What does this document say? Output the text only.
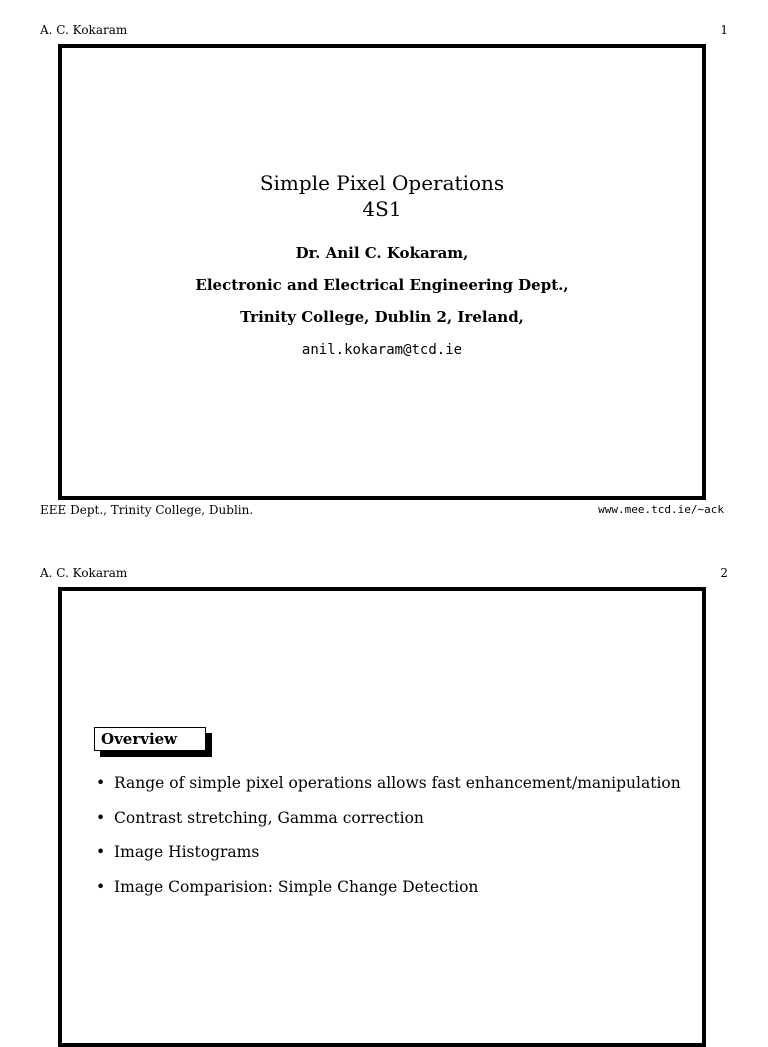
A. C. Kokaram	1
Simple Pixel Operations
4S1
Dr. Anil C. Kokaram,
Electronic and Electrical Engineering Dept.,
Trinity College, Dublin 2, Ireland,
anil.kokaram@tcd.ie
EEE Dept., Trinity College, Dublin.	www.mee.tcd.ie/∼ack
A. C. Kokaram	2
Overview
• Range of simple pixel operations allows fast enhancement/manipulation
• Contrast stretching, Gamma correction
• Image Histograms
• Image Comparision: Simple Change Detection
